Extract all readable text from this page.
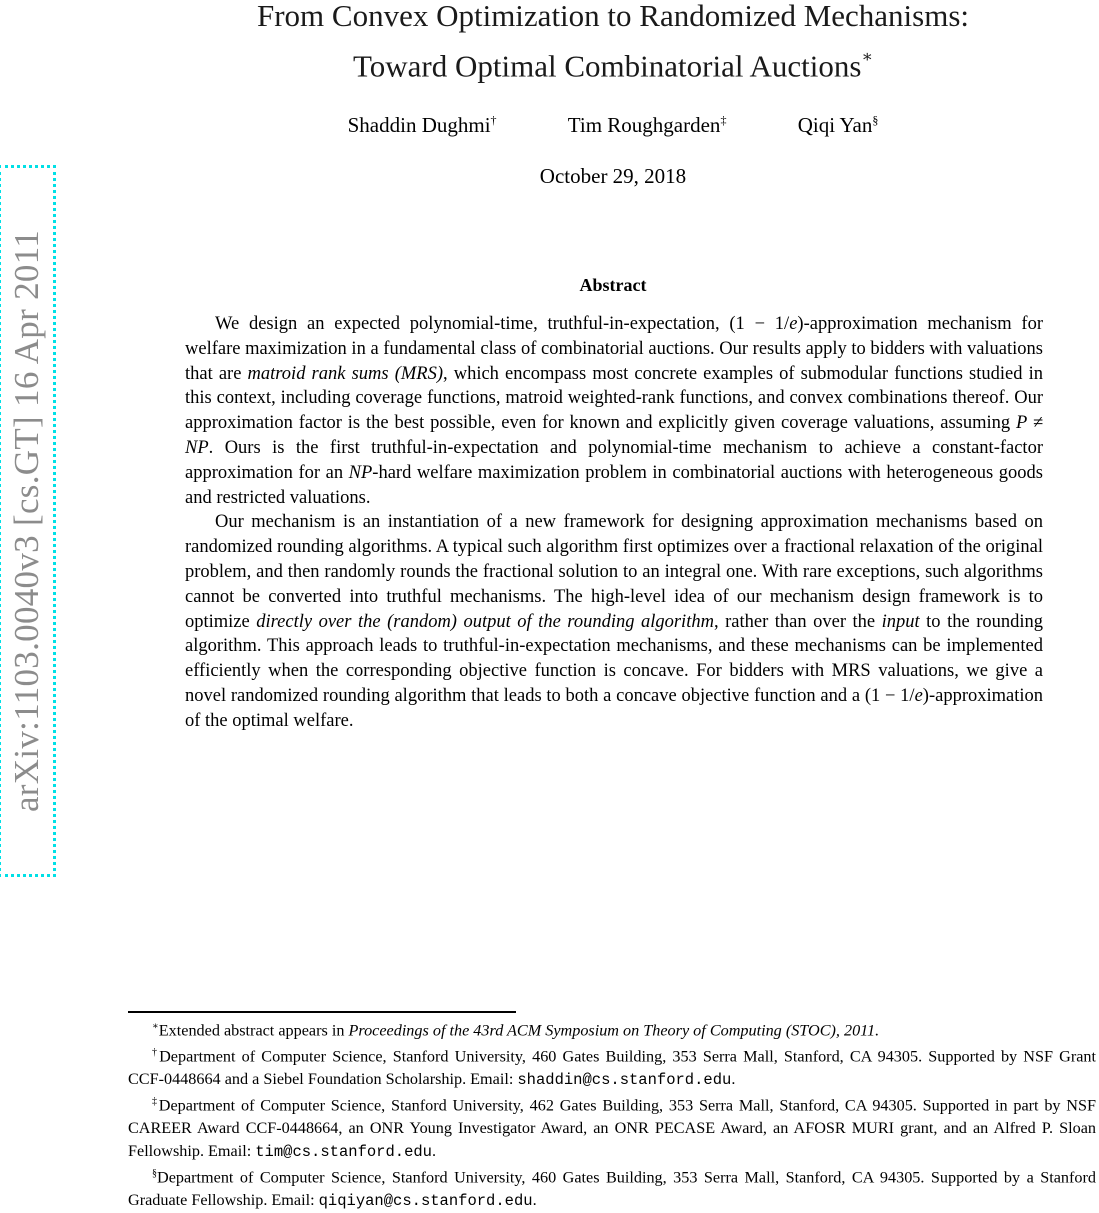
arXiv:1103.0040v3 [cs.GT] 16 Apr 2011
From Convex Optimization to Randomized Mechanisms:
Toward Optimal Combinatorial Auctions∗
Shaddin Dughmi†	Tim Roughgarden‡	Qiqi Yan§
October 29, 2018
Abstract

We design an expected polynomial-time, truthful-in-expectation, (1 − 1/e)-approximation mechanism for welfare maximization in a fundamental class of combinatorial auctions. Our results apply to bidders with valuations that are matroid rank sums (MRS), which encompass most concrete examples of submodular functions studied in this context, including coverage functions, matroid weighted-rank functions, and convex combinations thereof. Our approximation factor is the best possible, even for known and explicitly given coverage valuations, assuming P ≠ NP. Ours is the first truthful-in-expectation and polynomial-time mechanism to achieve a constant-factor approximation for an NP-hard welfare maximization problem in combinatorial auctions with heterogeneous goods and restricted valuations.

Our mechanism is an instantiation of a new framework for designing approximation mechanisms based on randomized rounding algorithms. A typical such algorithm first optimizes over a fractional relaxation of the original problem, and then randomly rounds the fractional solution to an integral one. With rare exceptions, such algorithms cannot be converted into truthful mechanisms. The high-level idea of our mechanism design framework is to optimize directly over the (random) output of the rounding algorithm, rather than over the input to the rounding algorithm. This approach leads to truthful-in-expectation mechanisms, and these mechanisms can be implemented efficiently when the corresponding objective function is concave. For bidders with MRS valuations, we give a novel randomized rounding algorithm that leads to both a concave objective function and a (1 − 1/e)-approximation of the optimal welfare.

∗Extended abstract appears in Proceedings of the 43rd ACM Symposium on Theory of Computing (STOC), 2011.

†Department of Computer Science, Stanford University, 460 Gates Building, 353 Serra Mall, Stanford, CA 94305. Supported by NSF Grant CCF-0448664 and a Siebel Foundation Scholarship. Email: shaddin@cs.stanford.edu.

‡Department of Computer Science, Stanford University, 462 Gates Building, 353 Serra Mall, Stanford, CA 94305. Supported in part by NSF CAREER Award CCF-0448664, an ONR Young Investigator Award, an ONR PECASE Award, an AFOSR MURI grant, and an Alfred P. Sloan Fellowship. Email: tim@cs.stanford.edu.

§Department of Computer Science, Stanford University, 460 Gates Building, 353 Serra Mall, Stanford, CA 94305. Supported by a Stanford Graduate Fellowship. Email: qiqiyan@cs.stanford.edu.
